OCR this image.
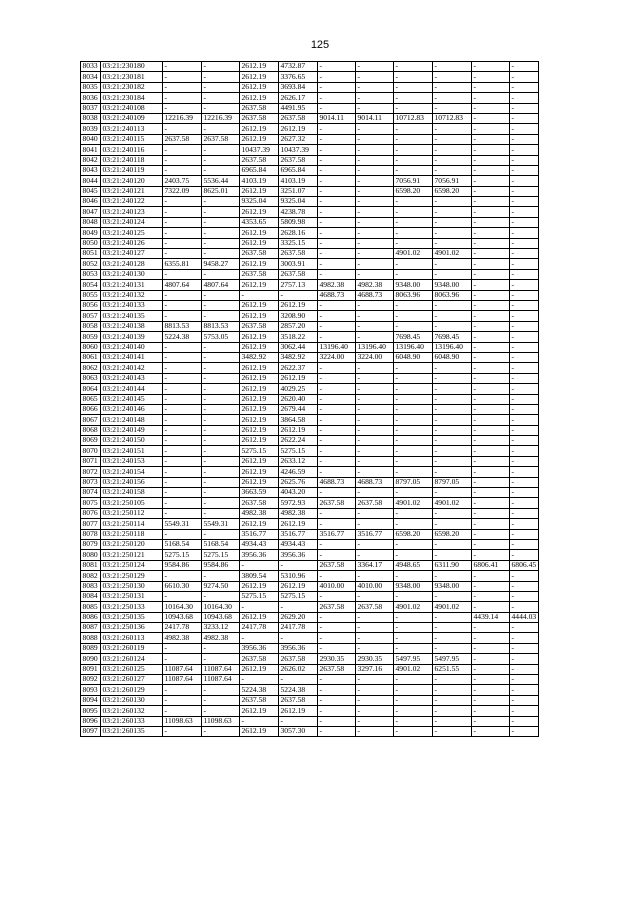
125
8033	03:21:230180	-	-	2612.19	4732.87	-	-	-	-	-	-
8034	03:21:230181	-	-	2612.19	3376.65	-	-	-	-	-	-
8035	03:21:230182	-	-	2612.19	3693.84	-	-	-	-	-	-
8036	03:21:230184	-	-	2612.19	2626.17	-	-	-	-	-	-
8037	03:21:240108	-	-	2637.58	4491.95	-	-	-	-	-	-
8038	03:21:240109	12216.39	12216.39	2637.58	2637.58	9014.11	9014.11	10712.83	10712.83	-	-
8039	03:21:240113	-	-	2612.19	2612.19	-	-	-	-	-	-
8040	03:21:240115	2637.58	2637.58	2612.19	2627.32	-	-	-	-	-	-
8041	03:21:240116	-	-	10437.39	10437.39	-	-	-	-	-	-
8042	03:21:240118	-	-	2637.58	2637.58	-	-	-	-	-	-
8043	03:21:240119	-	-	6965.84	6965.84	-	-	-	-	-	-
8044	03:21:240120	2403.75	5536.44	4103.19	4103.19	-	-	7056.91	7056.91	-	-
8045	03:21:240121	7322.09	8625.01	2612.19	3251.07	-	-	6598.20	6598.20	-	-
8046	03:21:240122	-	-	9325.04	9325.04	-	-	-	-	-	-
8047	03:21:240123	-	-	2612.19	4238.78	-	-	-	-	-	-
8048	03:21:240124	-	-	4353.65	5809.98	-	-	-	-	-	-
8049	03:21:240125	-	-	2612.19	2628.16	-	-	-	-	-	-
8050	03:21:240126	-	-	2612.19	3325.15	-	-	-	-	-	-
8051	03:21:240127	-	-	2637.58	2637.58	-	-	4901.02	4901.02	-	-
8052	03:21:240128	6355.81	9458.27	2612.19	3003.91	-	-	-	-	-	-
8053	03:21:240130	-	-	2637.58	2637.58	-	-	-	-	-	-
8054	03:21:240131	4807.64	4807.64	2612.19	2757.13	4982.38	4982.38	9348.00	9348.00	-	-
8055	03:21:240132	-	-	-	-	4688.73	4688.73	8063.96	8063.96	-	-
8056	03:21:240133	-	-	2612.19	2612.19	-	-	-	-	-	-
8057	03:21:240135	-	-	2612.19	3208.90	-	-	-	-	-	-
8058	03:21:240138	8813.53	8813.53	2637.58	2857.20	-	-	-	-	-	-
8059	03:21:240139	5224.38	5753.05	2612.19	3518.22	-	-	7698.45	7698.45	-	-
8060	03:21:240140	-	-	2612.19	3062.44	13196.40	13196.40	13196.40	13196.40	-	-
8061	03:21:240141	-	-	3482.92	3482.92	3224.00	3224.00	6048.90	6048.90	-	-
8062	03:21:240142	-	-	2612.19	2622.37	-	-	-	-	-	-
8063	03:21:240143	-	-	2612.19	2612.19	-	-	-	-	-	-
8064	03:21:240144	-	-	2612.19	4029.25	-	-	-	-	-	-
8065	03:21:240145	-	-	2612.19	2620.40	-	-	-	-	-	-
8066	03:21:240146	-	-	2612.19	2679.44	-	-	-	-	-	-
8067	03:21:240148	-	-	2612.19	3864.58	-	-	-	-	-	-
8068	03:21:240149	-	-	2612.19	2612.19	-	-	-	-	-	-
8069	03:21:240150	-	-	2612.19	2622.24	-	-	-	-	-	-
8070	03:21:240151	-	-	5275.15	5275.15	-	-	-	-	-	-
8071	03:21:240153	-	-	2612.19	2633.12	-	-	-	-	-	-
8072	03:21:240154	-	-	2612.19	4246.59	-	-	-	-	-	-
8073	03:21:240156	-	-	2612.19	2625.76	4688.73	4688.73	8797.05	8797.05	-	-
8074	03:21:240158	-	-	3663.59	4043.20	-	-	-	-	-	-
8075	03:21:250105	-	-	2637.58	5972.93	2637.58	2637.58	4901.02	4901.02	-	-
8076	03:21:250112	-	-	4982.38	4982.38	-	-	-	-	-	-
8077	03:21:250114	5549.31	5549.31	2612.19	2612.19	-	-	-	-	-	-
8078	03:21:250118	-	-	3516.77	3516.77	3516.77	3516.77	6598.20	6598.20	-	-
8079	03:21:250120	5168.54	5168.54	4934.43	4934.43	-	-	-	-	-	-
8080	03:21:250121	5275.15	5275.15	3956.36	3956.36	-	-	-	-	-	-
8081	03:21:250124	9584.86	9584.86	-	-	2637.58	3364.17	4948.65	6311.90	6806.41	6806.45
8082	03:21:250129	-	-	3809.54	5310.96	-	-	-	-	-	-
8083	03:21:250130	6610.30	9274.50	2612.19	2612.19	4010.00	4010.00	9348.00	9348.00	-	-
8084	03:21:250131	-	-	5275.15	5275.15	-	-	-	-	-	-
8085	03:21:250133	10164.30	10164.30	-	-	2637.58	2637.58	4901.02	4901.02	-	-
8086	03:21:250135	10943.68	10943.68	2612.19	2629.20	-	-	-	-	4439.14	4444.03
8087	03:21:250136	2417.78	3233.12	2417.78	2417.78	-	-	-	-	-	-
8088	03:21:260113	4982.38	4982.38	-	-	-	-	-	-	-	-
8089	03:21:260119	-	-	3956.36	3956.36	-	-	-	-	-	-
8090	03:21:260124	-	-	2637.58	2637.58	2930.35	2930.35	5497.95	5497.95	-	-
8091	03:21:260125	11087.64	11087.64	2612.19	2626.02	2637.58	3297.16	4901.02	6251.55	-	-
8092	03:21:260127	11087.64	11087.64	-	-	-	-	-	-	-	-
8093	03:21:260129	-	-	5224.38	5224.38	-	-	-	-	-	-
8094	03:21:260130	-	-	2637.58	2637.58	-	-	-	-	-	-
8095	03:21:260132	-	-	2612.19	2612.19	-	-	-	-	-	-
8096	03:21:260133	11098.63	11098.63	-	-	-	-	-	-	-	-
8097	03:21:260135	-	-	2612.19	3057.30	-	-	-	-	-	-
